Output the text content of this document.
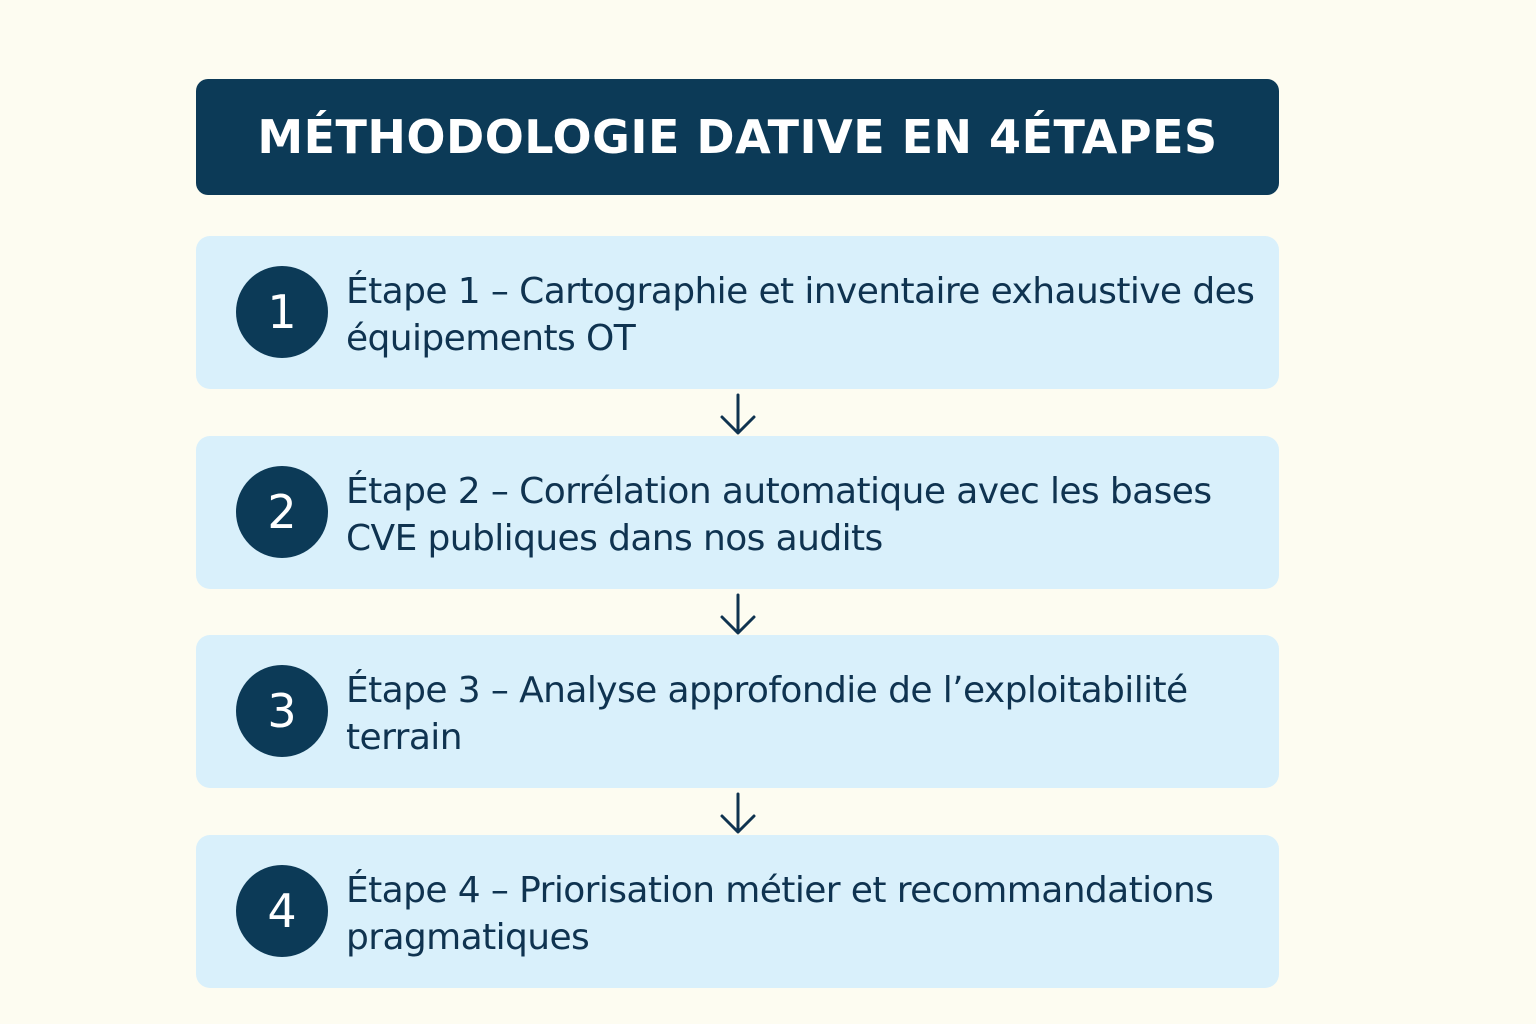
MÉTHODOLOGIE DATIVE EN 4ÉTAPES
1	Étape 1 – Cartographie et inventaire exhaustive des équipements OT
2	Étape 2 – Corrélation automatique avec les bases CVE publiques dans nos audits
3	Étape 3 – Analyse approfondie de l’exploitabilité terrain
4	Étape 4 – Priorisation métier et recommandations pragmatiques
